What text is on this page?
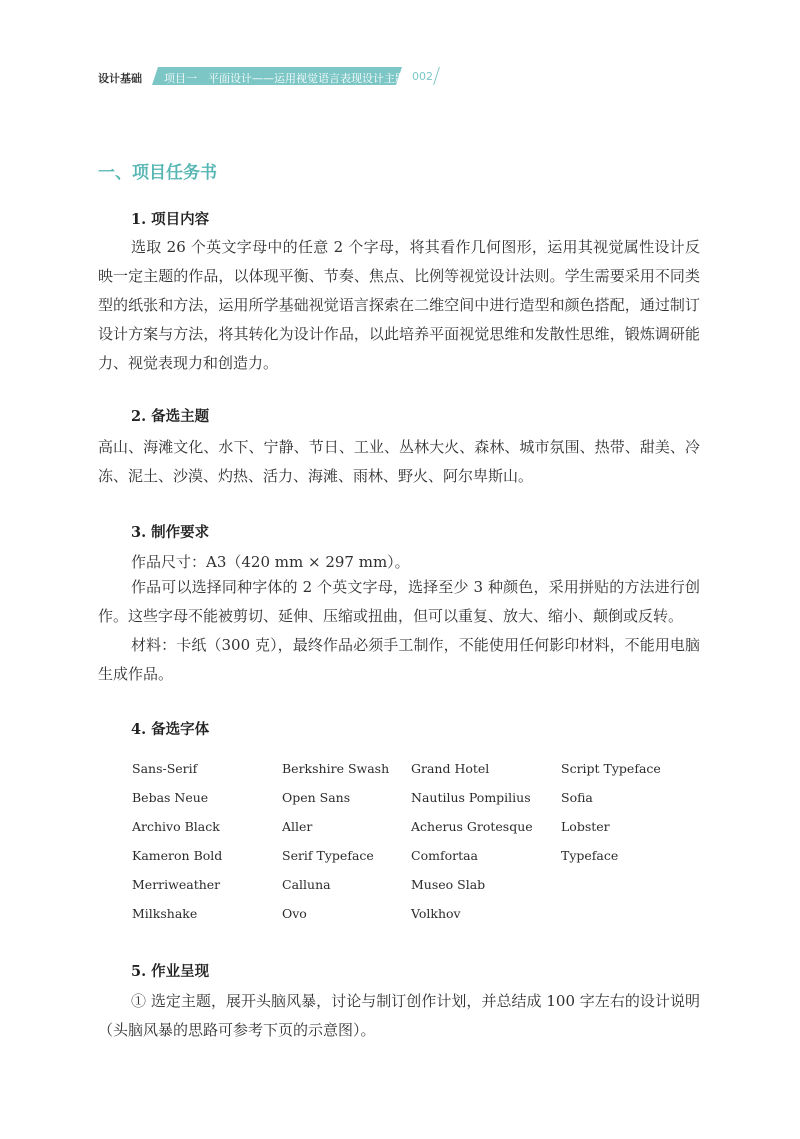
设计基础 项目一　平面设计——运用视觉语言表现设计主题 002
一、项目任务书
1. 项目内容

选取 26 个英文字母中的任意 2 个字母，将其看作几何图形，运用其视觉属性设计反映一定主题的作品，以体现平衡、节奏、焦点、比例等视觉设计法则。学生需要采用不同类型的纸张和方法，运用所学基础视觉语言探索在二维空间中进行造型和颜色搭配，通过制订设计方案与方法，将其转化为设计作品，以此培养平面视觉思维和发散性思维，锻炼调研能力、视觉表现力和创造力。

2. 备选主题

高山、海滩文化、水下、宁静、节日、工业、丛林大火、森林、城市氛围、热带、甜美、冷冻、泥土、沙漠、灼热、活力、海滩、雨林、野火、阿尔卑斯山。

3. 制作要求
作品尺寸：A3（420 mm × 297 mm）。

作品可以选择同种字体的 2 个英文字母，选择至少 3 种颜色，采用拼贴的方法进行创作。这些字母不能被剪切、延伸、压缩或扭曲，但可以重复、放大、缩小、颠倒或反转。

材料：卡纸（300 克），最终作品必须手工制作，不能使用任何影印材料，不能用电脑生成作品。

4. 备选字体
Sans-Serif
Bebas Neue
Archivo Black
Kameron Bold
Merriweather
Milkshake
Berkshire Swash
Open Sans
Aller
Serif Typeface
Calluna
Ovo
Grand Hotel
Nautilus Pompilius
Acherus Grotesque
Comfortaa
Museo Slab
Volkhov
Script Typeface
Sofia
Lobster
Typeface
5. 作业呈现

① 选定主题，展开头脑风暴，讨论与制订创作计划，并总结成 100 字左右的设计说明（头脑风暴的思路可参考下页的示意图）。
